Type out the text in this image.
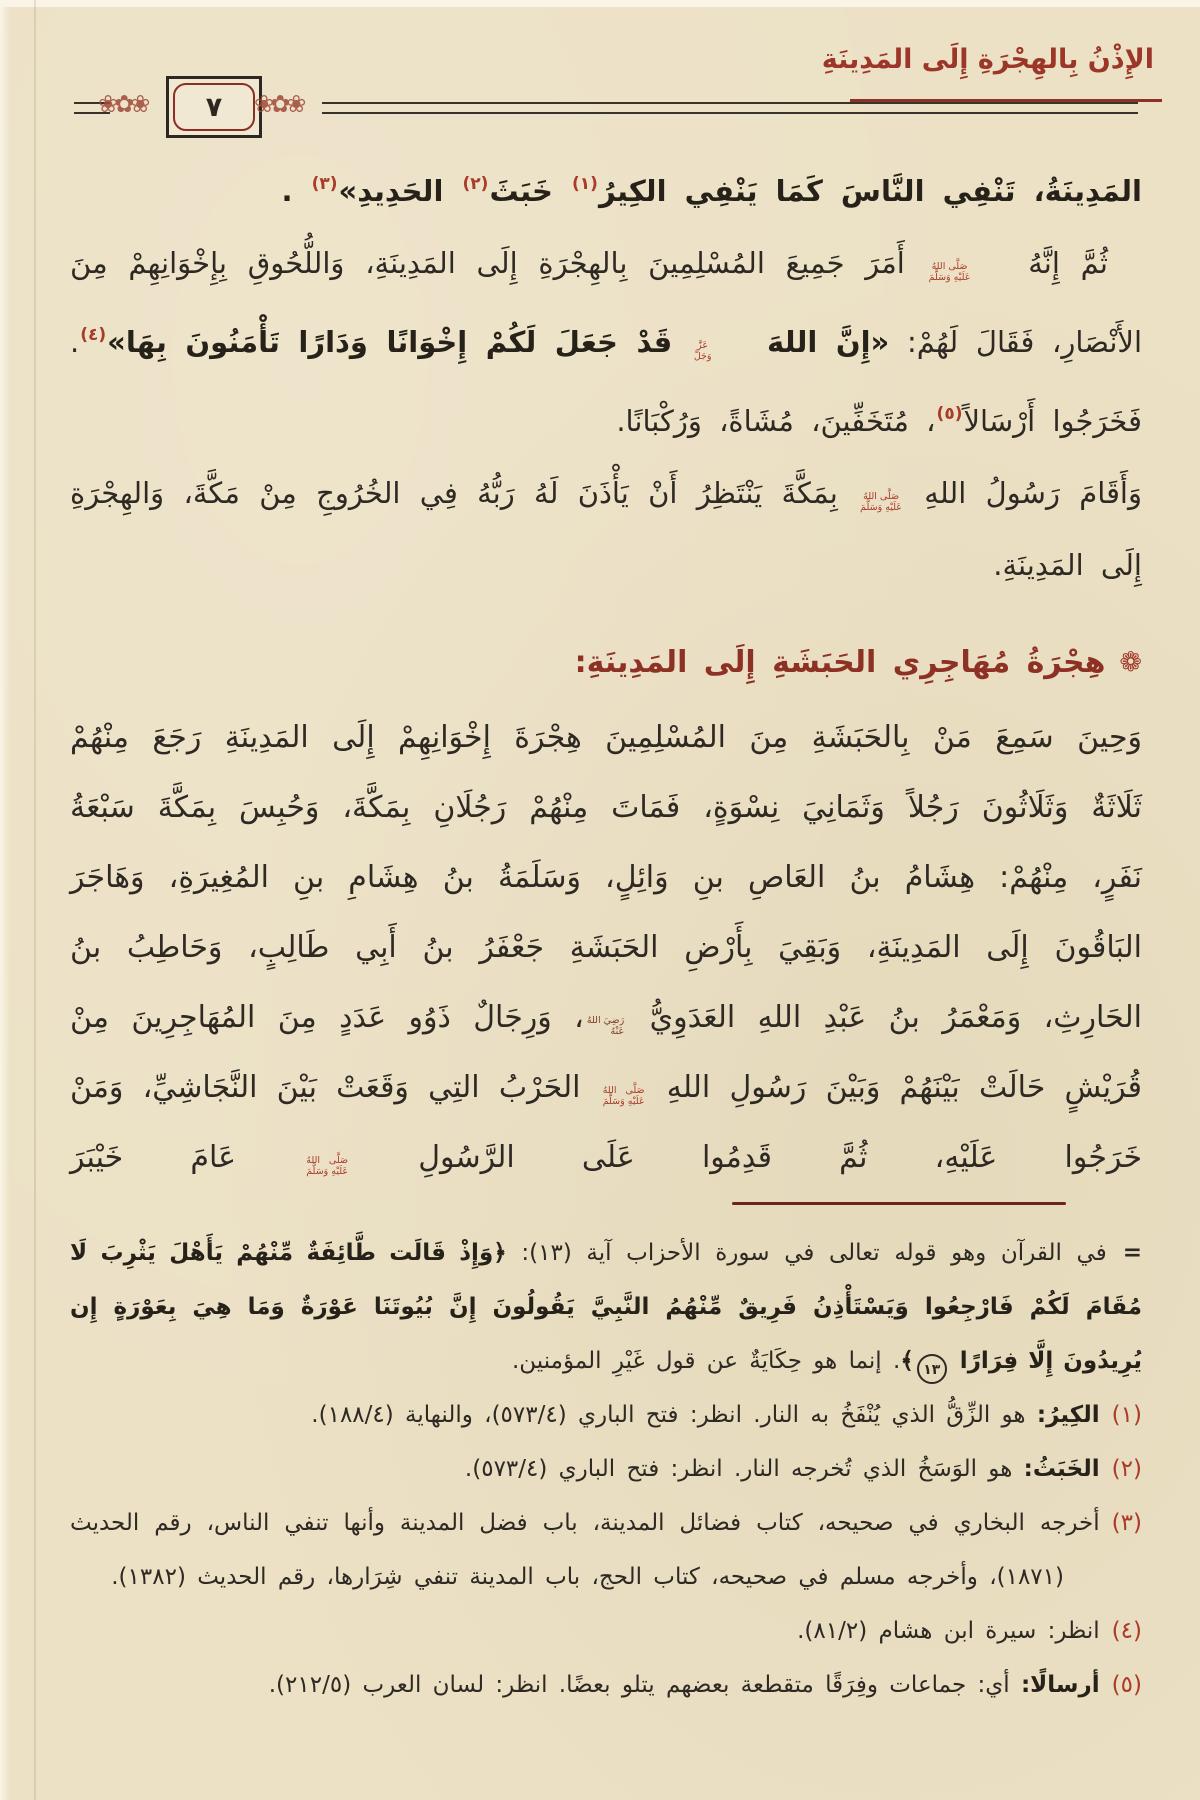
الإِذْنُ بِالهِجْرَةِ إِلَى المَدِينَةِ
❀✿❀	٧	❀✿❀

المَدِينَةُ، تَنْفِي النَّاسَ كَمَا يَنْفِي الكِيرُ$^{(١)}$ خَبَثَ$^{(٢)}$ الحَدِيدِ»$^{(٣)}$ .

ثُمَّ إِنَّهُ
صَلَّى اللهُ
عَلَيْهِ وَسَلَّمَ
أَمَرَ جَمِيعَ المُسْلِمِينَ بِالهِجْرَةِ إِلَى المَدِينَةِ، وَاللُّحُوقِ بِإِخْوَانِهِمْ مِنَ الأَنْصَارِ، فَقَالَ لَهُمْ: «إِنَّ اللهَ
عَزَّ
وَجَلَّ
قَدْ جَعَلَ لَكُمْ إِخْوَانًا وَدَارًا تَأْمَنُونَ بِهَا»$^{(٤)}$. فَخَرَجُوا أَرْسَالاً$^{(٥)}$، مُتَخَفِّينَ، مُشَاةً، وَرُكْبَانًا.

وَأَقَامَ رَسُولُ اللهِ
صَلَّى اللهُ
عَلَيْهِ وَسَلَّمَ
بِمَكَّةَ يَنْتَظِرُ أَنْ يَأْذَنَ لَهُ رَبُّهُ فِي الخُرُوجِ مِنْ مَكَّةَ، وَالهِجْرَةِ إِلَى المَدِينَةِ.

❁هِجْرَةُ مُهَاجِرِي الحَبَشَةِ إِلَى المَدِينَةِ:

وَحِينَ سَمِعَ مَنْ بِالحَبَشَةِ مِنَ المُسْلِمِينَ هِجْرَةَ إِخْوَانِهِمْ إِلَى المَدِينَةِ رَجَعَ مِنْهُمْ ثَلَاثَةٌ وَثَلَاثُونَ رَجُلاً وَثَمَانِيَ نِسْوَةٍ، فَمَاتَ مِنْهُمْ رَجُلَانِ بِمَكَّةَ، وَحُبِسَ بِمَكَّةَ سَبْعَةُ نَفَرٍ، مِنْهُمْ: هِشَامُ بنُ العَاصِ بنِ وَائِلٍ، وَسَلَمَةُ بنُ هِشَامِ بنِ المُغِيرَةِ، وَهَاجَرَ البَاقُونَ إِلَى المَدِينَةِ، وَبَقِيَ بِأَرْضِ الحَبَشَةِ جَعْفَرُ بنُ أَبِي طَالِبٍ، وَحَاطِبُ بنُ الحَارِثِ، وَمَعْمَرُ بنُ عَبْدِ اللهِ العَدَوِيُّ
رَضِيَ اللهُ
عَنْهُ
، وَرِجَالٌ ذَوُو عَدَدٍ مِنَ المُهَاجِرِينَ مِنْ قُرَيْشٍ حَالَتْ بَيْنَهُمْ وَبَيْنَ رَسُولِ اللهِ
صَلَّى اللهُ
عَلَيْهِ وَسَلَّمَ
الحَرْبُ التِي وَقَعَتْ بَيْنَ النَّجَاشِيِّ، وَمَنْ خَرَجُوا عَلَيْهِ، ثُمَّ قَدِمُوا عَلَى الرَّسُولِ
صَلَّى اللهُ
عَلَيْهِ وَسَلَّمَ
عَامَ خَيْبَرَ

=في القرآن وهو قوله تعالى في سورة الأحزاب آية (١٣): ﴿وَإِذْ قَالَت طَّائِفَةٌ مِّنْهُمْ يَأَهْلَ يَثْرِبَ لَا مُقَامَ لَكُمْ فَارْجِعُوا وَيَسْتَأْذِنُ فَرِيقٌ مِّنْهُمُ النَّبِيَّ يَقُولُونَ إِنَّ بُيُوتَنَا عَوْرَةٌ وَمَا هِيَ بِعَوْرَةٍ إِن يُرِيدُونَ إِلَّا فِرَارًا ١٣﴾. إنما هو حِكَايَةٌ عن قول غَيْرِ المؤمنين.

(١)الكِيرُ: هو الزِّقُّ الذي يُنْفَخُ به النار. انظر: فتح الباري (٥٧٣/٤)، والنهاية (١٨٨/٤).

(٢)الخَبَثُ: هو الوَسَخُ الذي تُخرجه النار. انظر: فتح الباري (٥٧٣/٤).

(٣)أخرجه البخاري في صحيحه، كتاب فضائل المدينة، باب فضل المدينة وأنها تنفي الناس، رقم الحديث (١٨٧١)، وأخرجه مسلم في صحيحه، كتاب الحج، باب المدينة تنفي شِرَارها، رقم الحديث (١٣٨٢).

(٤)انظر: سيرة ابن هشام (٨١/٢).

(٥)أرسالًا: أي: جماعات وفِرَقًا متقطعة بعضهم يتلو بعضًا. انظر: لسان العرب (٢١٢/٥).
